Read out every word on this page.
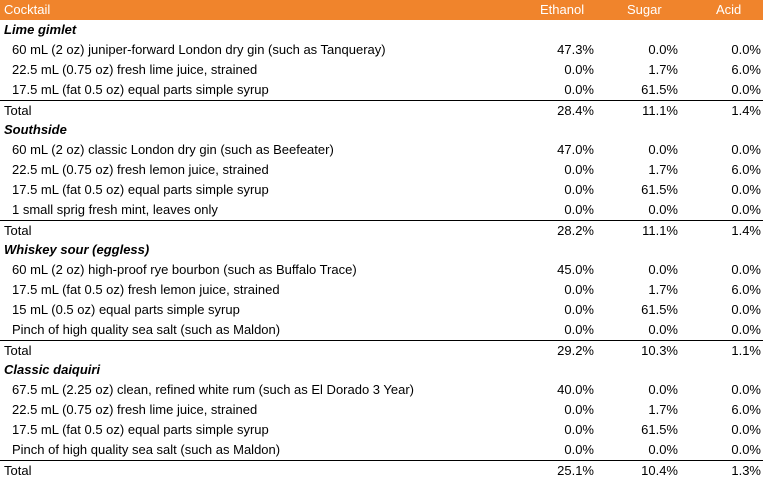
Cocktail	Ethanol	Sugar	Acid
Lime gimlet
60 mL (2 oz) juniper-forward London dry gin (such as Tanqueray)	47.3%	0.0%	0.0%
22.5 mL (0.75 oz) fresh lime juice, strained	0.0%	1.7%	6.0%
17.5 mL (fat 0.5 oz) equal parts simple syrup	0.0%	61.5%	0.0%
Total	28.4%	11.1%	1.4%
Southside
60 mL (2 oz) classic London dry gin (such as Beefeater)	47.0%	0.0%	0.0%
22.5 mL (0.75 oz) fresh lemon juice, strained	0.0%	1.7%	6.0%
17.5 mL (fat 0.5 oz) equal parts simple syrup	0.0%	61.5%	0.0%
1 small sprig fresh mint, leaves only	0.0%	0.0%	0.0%
Total	28.2%	11.1%	1.4%
Whiskey sour (eggless)
60 mL (2 oz) high-proof rye bourbon (such as Buffalo Trace)	45.0%	0.0%	0.0%
17.5 mL (fat 0.5 oz) fresh lemon juice, strained	0.0%	1.7%	6.0%
15 mL (0.5 oz) equal parts simple syrup	0.0%	61.5%	0.0%
Pinch of high quality sea salt (such as Maldon)	0.0%	0.0%	0.0%
Total	29.2%	10.3%	1.1%
Classic daiquiri
67.5 mL (2.25 oz) clean, refined white rum (such as El Dorado 3 Year)	40.0%	0.0%	0.0%
22.5 mL (0.75 oz) fresh lime juice, strained	0.0%	1.7%	6.0%
17.5 mL (fat 0.5 oz) equal parts simple syrup	0.0%	61.5%	0.0%
Pinch of high quality sea salt (such as Maldon)	0.0%	0.0%	0.0%
Total	25.1%	10.4%	1.3%
